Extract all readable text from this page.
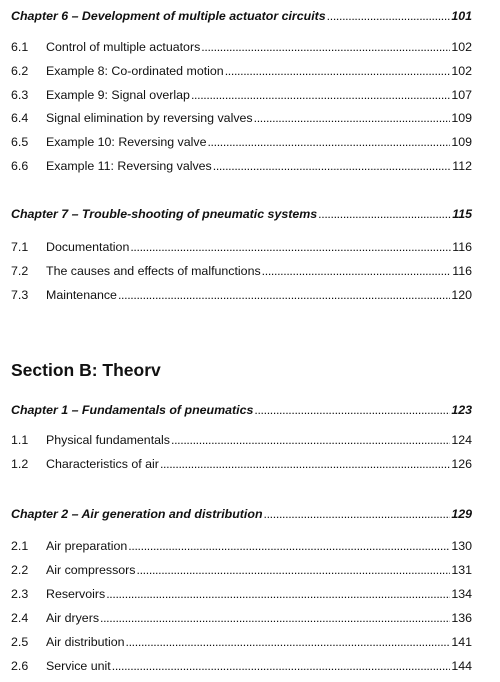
Chapter 6 – Development of multiple actuator circuits . . .	101
6.1	Control of multiple actuators . . .	102
6.2	Example 8: Co-ordinated motion . . .	102
6.3	Example 9: Signal overlap . . .	107
6.4	Signal elimination by reversing valves . . .	109
6.5	Example 10: Reversing valve . . .	109
6.6	Example 11: Reversing valves . . .	112
Chapter 7 – Trouble-shooting of pneumatic systems . . .	115
7.1	Documentation . . .	116
7.2	The causes and effects of malfunctions . . .	116
7.3	Maintenance . . .	120
Section B: Theorv
Chapter 1 – Fundamentals of pneumatics . . .	123
1.1	Physical fundamentals . . .	124
1.2	Characteristics of air . . .	126
Chapter 2 – Air generation and distribution . . .	129
2.1	Air preparation . . .	130
2.2	Air compressors . . .	131
2.3	Reservoirs . . .	134
2.4	Air dryers . . .	136
2.5	Air distribution . . .	141
2.6	Service unit . . .	144
